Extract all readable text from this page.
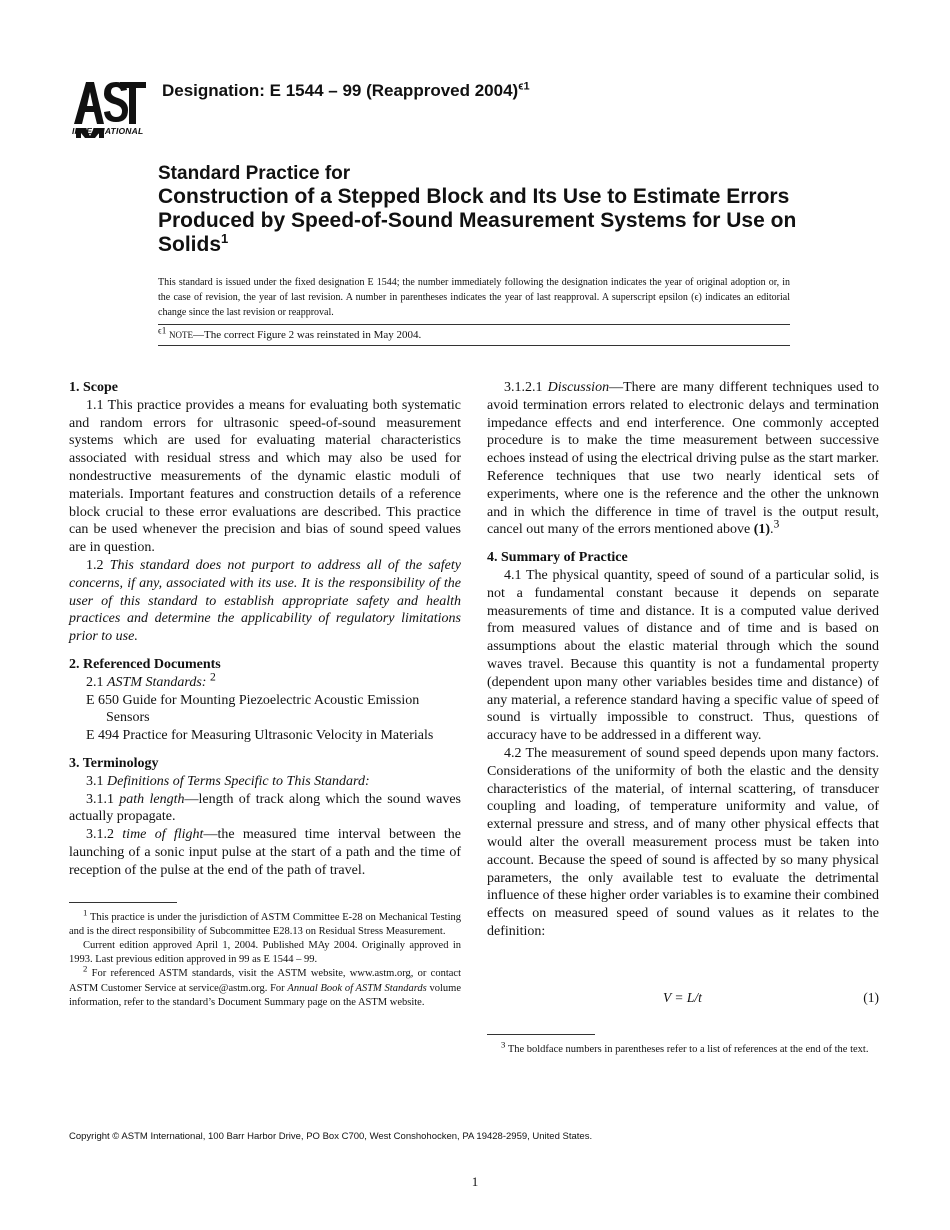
INTERNATIONAL
Designation: E 1544 – 99 (Reapproved 2004)$^{\epsilon 1}$
Standard Practice for
Construction of a Stepped Block and Its Use to Estimate Errors Produced by Speed-of-Sound Measurement Systems for Use on Solids$^1$
This standard is issued under the fixed designation E 1544; the number immediately following the designation indicates the year of original adoption or, in the case of revision, the year of last revision. A number in parentheses indicates the year of last reapproval. A superscript epsilon (ϵ) indicates an editorial change since the last revision or reapproval.
$^{\epsilon 1}$ NOTE—The correct Figure 2 was reinstated in May 2004.

1. Scope

1.1 This practice provides a means for evaluating both systematic and random errors for ultrasonic speed-of-sound measurement systems which are used for evaluating material characteristics associated with residual stress and which may also be used for nondestructive measurements of the dynamic elastic moduli of materials. Important features and construction details of a reference block crucial to these error evaluations are described. This practice can be used whenever the precision and bias of sound speed values are in question.

1.2 This standard does not purport to address all of the safety concerns, if any, associated with its use. It is the responsibility of the user of this standard to establish appropriate safety and health practices and determine the applicability of regulatory limitations prior to use.

2. Referenced Documents

2.1 ASTM Standards: $^2$

E 650 Guide for Mounting Piezoelectric Acoustic Emission Sensors

E 494 Practice for Measuring Ultrasonic Velocity in Materials

3. Terminology

3.1 Definitions of Terms Specific to This Standard:

3.1.1 path length—length of track along which the sound waves actually propagate.

3.1.2 time of flight—the measured time interval between the launching of a sonic input pulse at the start of a path and the time of reception of the pulse at the end of the path of travel.

$^1$ This practice is under the jurisdiction of ASTM Committee E-28 on Mechanical Testing and is the direct responsibility of Subcommittee E28.13 on Residual Stress Measurement.

Current edition approved April 1, 2004. Published MAy 2004. Originally approved in 1993. Last previous edition approved in 99 as E 1544 – 99.

$^2$ For referenced ASTM standards, visit the ASTM website, www.astm.org, or contact ASTM Customer Service at service@astm.org. For Annual Book of ASTM Standards volume information, refer to the standard’s Document Summary page on the ASTM website.

3.1.2.1 Discussion—There are many different techniques used to avoid termination errors related to electronic delays and termination impedance effects and end interference. One commonly accepted procedure is to make the time measurement between successive echoes instead of using the electrical driving pulse as the start marker. Reference techniques that use two nearly identical sets of experiments, where one is the reference and the other the unknown and in which the difference in time of travel is the output result, cancel out many of the errors mentioned above (1).$^3$

4. Summary of Practice

4.1 The physical quantity, speed of sound of a particular solid, is not a fundamental constant because it depends on separate measurements of time and distance. It is a computed value derived from measured values of distance and of time and is based on assumptions about the elastic material through which the sound waves travel. Because this quantity is not a fundamental property (dependent upon many other variables besides time and distance) of any material, a reference standard having a specific value of speed of sound is virtually impossible to construct. Thus, questions of accuracy have to be addressed in a different way.

4.2 The measurement of sound speed depends upon many factors. Considerations of the uniformity of both the elastic and the density characteristics of the material, of internal scattering, of transducer coupling and loading, of temperature uniformity and value, of external pressure and stress, and of many other physical effects that would alter the overall measurement process must be taken into account. Because the speed of sound is affected by so many physical parameters, the only available test to evaluate the detrimental influence of these higher order variables is to examine their combined effects on measured speed of sound values as it relates to the definition:

V = L/t	(1)

$^3$ The boldface numbers in parentheses refer to a list of references at the end of the text.

Copyright © ASTM International, 100 Barr Harbor Drive, PO Box C700, West Conshohocken, PA 19428-2959, United States.
1
